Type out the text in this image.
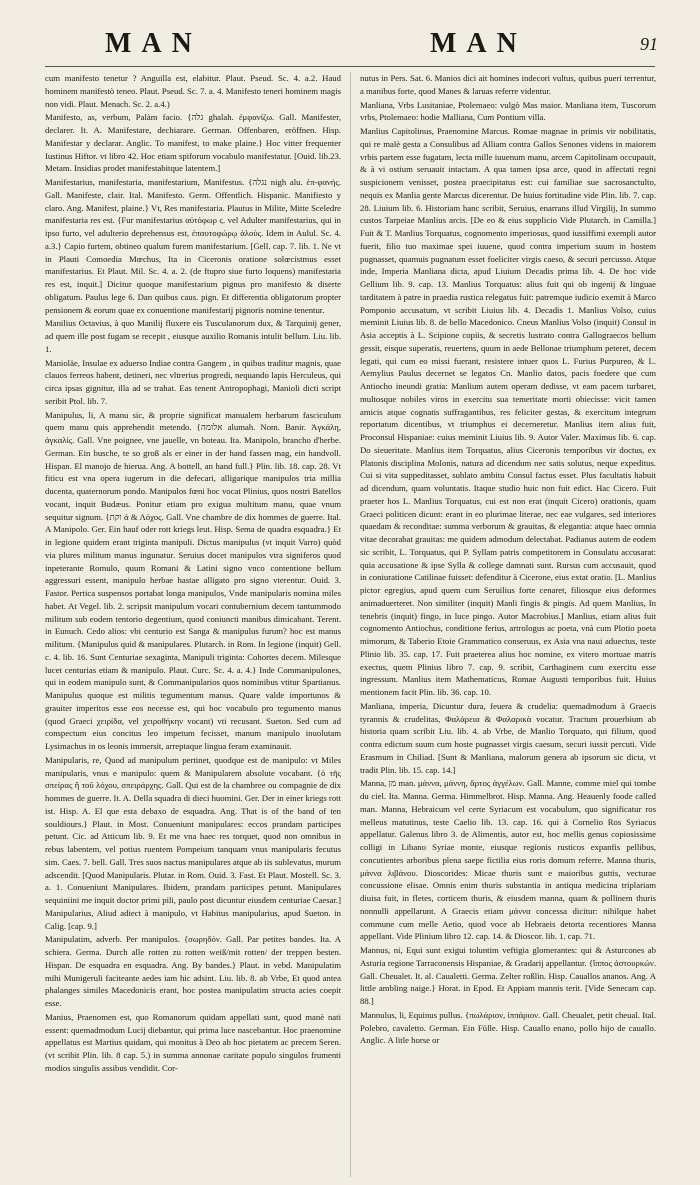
MAN	MAN	91

cum manifesto tenetur ? Anguilla est, elabitur. Plaut. Pseud. Sc. 4. a.2. Haud hominem manifestò teneo. Plaut. Pseud. Sc. 7. a. 4. Manifesto teneri hominem magis non vidi. Plaut. Menach. Sc. 2. a.4.)

Manifesto, as, verbum, Palàm facio. {גלה ghalah. ἐμφανίζω. Gall. Manifester, declarer. It. A. Manifestare, dechiarare. German. Offenbaren, eröffnen. Hisp. Manifestar y declarar. Anglic. To manifest, to make plaine.} Hoc vitter frequenter Iustinus Hiftor. vt libro 42. Hoc etiam spiforum vocabulo manifestatur. [Ouid. lib.23. Metam. Insidias prodet manifestabitque latentem.]

Manifestarius, manifestaria, manifestarium, Manifestus. {נגלה nigh alu. ἐπ-φανής. Gall. Manifeste, clair. Ital. Manifesto. Germ. Offentlich. Hispanic. Manifiesto y claro. Ang. Manifest, plaine.} Vt, Res manifestaria. Plautus in Milite, Mitte Sceledre manifestaria res est. {Fur manifestarius αὐτόφωρ ϛ. vel Adulter manifestarius, qui in ipso furto, vel adulterio deprehensus est, ἐπαυτοφώρῳ ἁλοὺς. Idem in Aulul. Sc. 4. a.3.} Capio furtem, obtineo qualum furem manifestarium. [Gell. cap. 7. lib. 1. Ne vt in Plauti Comoedia Mœchus, Ita in Ciceronis oratione solœcistmus esset manifestarius. Et Plaut. Mil. Sc. 4. a. 2. (de ftupro siue furto loquens) manifestaria res est, inquit.] Dicitur quoque manifestarium pignus pro manifesto & diserte obligatum. Paulus lege 6. Dan quibus caus. pign. Et differentia obligatorum propter pensionem & eorum quae ex conuentione manifestarij pignoris nomine tenentur.

Manilius Octavius, à quo Manilij fluxere eis Tusculanorum dux, & Tarquinij gener, ad quem ille post fugam se recepit , eiusque auxilio Romanis intulit bellum. Liu. lib. 1.

Manioläe, Insulae ex aduerso Indiae contra Gangem , in quibus traditur magnis, quae clauos ferreos habent, detineri, nec vltrerius progredi, nequando lapis Herculeus, qui circa ipsas gignitur, illa ad se trahat. Eas tenent Antropophagi, Manioli dicti script seribit Ptol. lib. 7.

Manipulus, li, A manu sic, & proprie significat manualem herbarum fasciculum quem manu quis apprehendit metendo. {אלומה alumah. Nom. Banir. Ἀγκάλη, ἀγκαλίς. Gall. Vne poignee, vne jauelle, vn boteau. Ita. Manipolo, brancho d'herbe. German. Ein busche, te so groß als er einer in der hand fassen mag, ein handvoll. Hispan. El manojo de hierua. Ang. A bottell, an hand full.} Plin. lib. 18. cap. 28. Vt fiticu est vna opera iugerum in die defecari, alligarique manipulos tria millia ducenta, quaternorum pondo. Manipulos fœni hoc vocat Plinius, quos nostri Batellos vocant, inquit Budæus. Ponitur etiam pro exigua multitum manu, quae vnum sequitur signum. {וקת ἀ & Λόχος. Gall. Vne chambre de dix hommes de guerre. Ital. A Manipolo. Ger. Ein hauf oder rott kriegs leut. Hisp. Sema de quadra esquadra.} Et in legione quidem erant triginta manipuli. Dictus manipulus (vt inquit Varro) quòd via plures militum manus ingunatur. Seruius docet manipulos vtra signiferos quod inpeterante Romulo, quum Romani & Latini signo vnco contentione bellum aggressuri essent, manipulo herbae hastae alligato pro signo vterentur. Ouid. 3. Fastor. Pertica suspensos portabat longa manipulos, Vnde manipularis nomina miles habet. At Vegel. lib. 2. scripsit manipulum vocari contubernium decem tantummodo militum sub eodem tentorio degentium, quod coniuncti manibus dimicabant. Terent. in Eunuch. Cedo alios: vbi centurio est Sanga & manipulus furum? hoc est manus militum. {Manipulus quid & manipulares. Plutarch. in Rom. In legione (inquit) Gell. c. 4. lib. 16. Sunt Centuriae sexaginta, Manipuli triginta: Cohortes decem. Milesque lucet centurias etiam & manipulo. Plaut. Curc. Sc. 4. a. 4.} Inde Commanipulones, qui in eodem manipulo sunt, & Commanipularios quos nominibus vtitur Spartianus. Manipulus quoque est militis tegumentum manus. Quare valde importunos & grauiter imperitos esse eos necesse est, qui hoc vocabulo pro tegumento manus (quod Graeci χειρίδα, vel χειροθήκην vocant) vti recusant. Sueton. Sed cum ad conspectum eius concitus leo impetum fecisset, manum manipulo inuolutam Lysimachus in os leonis immersit, arreptaque lingua feram examinauit.

Manipularis, re, Quod ad manipulum pertinet, quodque est de manipulo: vt Miles manipularis, vnus e manipulo: quem & Manipularem absolute vocabant. {ὁ τῆς σπείρας ἢ τοῦ λόχου, σπειράρχης. Gall. Qui est de la chambree ou compagnie de dix hommes de guerre. It. A. Della squadra di dieci huomini. Ger. Der in einer kriegs rott ist. Hisp. A. El que esta debaxo de esquadra. Ang. That is of the band of ten souldiours.} Plaut. in Most. Conueniunt manipulares: eccos prandam participes petunt. Cic. ad Atticum lib. 9. Et me vna haec res torquet, quod non omnibus in rebus labentem, vel potius ruentem Pompeium tanquam vnus manipularis fecutus sim. Caes. 7. bell. Gall. Tres suos nactus manipulares atque ab iis sublevatus, murum adscendit. [Quod Manipularis. Plutar. in Rom. Ouid. 3. Fast. Et Plaut. Mostell. Sc. 3. a. 1. Conueniunt Manipulares. Ibidem, prandam participes petunt. Manipulares sequiniini me inquit doctor primi pili, paulo post dicuntur eiusdem centuriae Caesar.] Manipularius, Aliud adiect à manipulo, vt Habitus manipularius, apud Sueton. in Calig. [cap. 9.]

Manipulatim, adverb. Per manipulos. {σωρηδόν. Gall. Par petites bandes. Ita. A schiera. Germa. Durch alle rotten zu rotten weiß/mit rotten/ der treppen besten. Hispan. De esquadra en esquadra. Ang. By bandes.} Plaut. in vebd. Manipulatim mihi Munigeruli faciteante aedes iam hic adsint. Liu. lib. 8. ab Vrbe, Et quod antea phalanges similes Macedonicis erant, hoc postea manipulatim structa acies coepit esse.

Manius, Praenomen est, quo Romanorum quidam appellati sunt, quod manè nati essent: quemadmodum Lucij diebantur, qui prima luce nascebantur. Hoc praenomine appellatus est Martius quidam, qui monitus à Deo ab hoc pietatem ac precem Seren. (vt scribit Plin. lib. 8 cap. 5.) in summa annonae caritate populo singulos frumenti modios singulis assibus vendidit. Cor-

nutus in Pers. Sat. 6. Manios dici ait homines indecori vultus, quibus pueri terrentur, a manibus forte, quod Manes & laruas referre videntur.

Manliana, Vrbs Lusitaniae, Ptolemaeo: vulgò Mas maior. Manliana item, Tuscorum vrbs, Ptolemaeo: hodie Malliana, Cum Pontium villa.

Manlius Capitolinus, Praenomine Marcus. Romae magnae in primis vir nobilitatis, qui re malè gesta a Consulibus ad Alliam contra Gallos Senones videns in maiorem vrbis partem esse fugatam, lecta mille iuuenum manu, arcem Capitolinam occupauit, & à vi ostium seruauit intactam. A qua tamen ipsa arce, quod in affectati regni suspicionem venisset, postea praecipitatus est: cui familiae sue sacrosanctulto, nequis ex Manlia gente Marcus dicerentur. De huius fortitudine vide Plin. lib. 7. cap. 28. Liuium lib. 6. Historiam hanc scribit, Seruius, enarrans illud Virgilij, In summo custos Tarpeiae Manlius arcis. [De eo & eius supplicio Vide Plutarch. in Camilla.] Fuit & T. Manlius Torquatus, cognomento imperiosus, quod iussiffimi exempli autor fuerit, filio tuo maximae spei iuuene, quod contra imperium suum in hostem pugnasset, quamuis pugnatum esset foeliciter virgis caeso, & securi percusso. Atque inde, Imperia Manliana dicta, apud Liuium Decadis prima lib. 4. De hoc vide Gellium lib. 9. cap. 13. Manlius Torquatus: alius fuit qui ob ingenij & linguae tarditatem à patre in praedia rustica relegatus fuit: patremque iudicio exemit à Marco Pomponio accusatum, vt scribit Liuius lib. 4. Decadis 1. Manlius Volso, cuius meminit Liuius lib. 8. de bello Macedonico. Cneus Manlius Volso (inquit) Consul in Asia acceptis à L. Scipione copiis, & secretis lustrato contra Gallograecos bellum gessit, eisque superatis, reuertens, quum in aede Bellonae triumphum peteret, decem legati, qui cum eo missi fuerant, resistere intuer quos L. Furius Purpureo, & L. Aemylius Paulus decernet se legatos Cn. Manlio datos, pacis foedere que cum Antiocho ineundi gratia: Manlium autem operam dedisse, vt eam pacem turbaret, multosque nobiles viros in exercitu sua temeritate morti obiecisse: vicit tamen amicis atque cognatis suffragantibus, res feliciter gestas, & exercitum integrum reportatum dicentibus, vt triumphus ei decerneretur. Manlius item alius fuit, Proconsul Hispaniae: cuius meminit Liuius lib. 9. Autor Valer. Maximus lib. 6. cap. Do sieueritate. Manlius item Torquatus, alius Ciceronis temporibus vir doctus, ex Platonis disciplina Molonis, natura ad dicendum nec satis solutus, neque expeditus. Cui si vita suppeditasset, sublato ambitu Consul factus esset. Plus facultatis habuit ad dicendum, quam voluntatis. Itaque studio huic non fuit edict. Hac Cicero. Fuit praeter hos L. Manlius Torquatus, cui est non erat (inquit Cicero) orationis, quam Graeci politicen dicunt: erant in eo plurimae literae, nec eae vulgares, sed interiores quaedam & reconditae: summa verborum & grauitas, & elegantia: atque haec omnia vitae decorabat grauitas: me quidem admodum delectabat. Padianus autem de eodem sic scribit, L. Torquatus, qui P. Syllam patris competitorem in Consulatu accusarat: quia accusatione & ipse Sylla & college damnati sunt. Rursus cum accusauit, quod in coniuratione Catilinae fuisset: defenditur à Cicerone, eius extat oratio. [L. Manlius pictor egregius, apud quem cum Seruilius forte cenaret, filiosque eius deformes animaduerteret. Non similiter (inquit) Manli fingis & pingis. Ad quem Manlius, In tenebris (inquit) fingo, in luce pingo. Autor Macrobius.] Manlius, etiam alius fuit cognomento Antiochus, conditione ferius, artrologus ac poeta, vnà cum Plotio poeta mimorum, & Taberio Etoie Grammatico conseruus, ex Asia vna naui aduectus, teste Plinio lib. 35. cap. 17. Fuit praeterea alius hoc nomine, ex vitero mortuae matris exectus, quem Plinius libro 7. cap. 9. scribit, Carthaginem cum exercitu esse ingressum. Manlius item Mathematicus, Romae Augusti temporibus fuit. Huius mentionem facit Plin. lib. 36. cap. 10.

Manliana, imperia, Dicuntur dura, feuera & crudelia: quemadmodum à Graecis tyrannis & crudelitas, Φαλάρεια & Φαλαρικὰ vocatur. Tractum prouerbium ab historia quam scribit Liu. lib. 4. ab Vrbe, de Manlio Torquato, qui filium, quod contra edictum suum cum hoste pugnasset virgis caesum, securi iussit percuti. Vide Erasmum in Chiliad. [Sunt & Manliana, malorum genera ab ipsorum sic dicta, vt tradit Plin. lib. 15. cap. 14.]

Manna, מן man. μάννα, μάννη, ἄρτος ἀγγέλων. Gall. Manne, comme miel qui tombe du ciel. Ita. Manna. Germa. Himmelbrot. Hisp. Manna. Ang. Heauenly foode called man. Manna, Hebraicum vel certe Syriacum est vocabulum, quo significatur ros melleus matutinus, teste Caelio lib. 13. cap. 16. qui à Cornelio Ros Syriacus appellatur. Galenus libro 3. de Alimentis, autor est, hoc mellis genus copiosissime colligi in Libano Syriae monte, eiusque regionis rusticos expanfis pellibus, concutientes arboribus plena saepe fictilia eius roris domum referre. Manna thuris, μάννα λιβάνου. Dioscorides: Micae thuris sunt e maioribus guttis, vecturae concussione elisae. Omnis enim thuris substantia in antiqua medicina triplariam diuisa fuit, in fletes, corticem thuris, & eiusdem manna, quam & pollinem thuris nonnulli appellarunt. A Graecis etiam μάννα concessa dicitur: nihilque habet commune cum melle Aetio, quod voce ab Hebraeis detorta recentiores Manna appellant. Vide Plinium libro 12. cap. 14. & Dioscor. lib. 1. cap. 71.

Mannus, ni, Equi sunt exigui toluntim veftigia glomerantes: qui & Asturcones ab Asturia regione Tarraconensis Hispaniae, & Gradarij appellantur. {ἵππος ἀστουρκών. Gall. Cheualet. It. al. Caualetti. Germa. Zelter roßlin. Hisp. Cauallos ananos. Ang. A little ambling naige.} Horat. in Epod. Et Appiam mannis terit. [Vide Senecam cap. 88.]

Mannulus, li, Equinus pullus. {πωλάριον, ἱππάριον. Gall. Cheualet, petit cheual. Ital. Polebro, cavaletto. German. Ein Fülle. Hisp. Cauallo enano, pollo hijo de cauallo. Anglic. A litle horse or
